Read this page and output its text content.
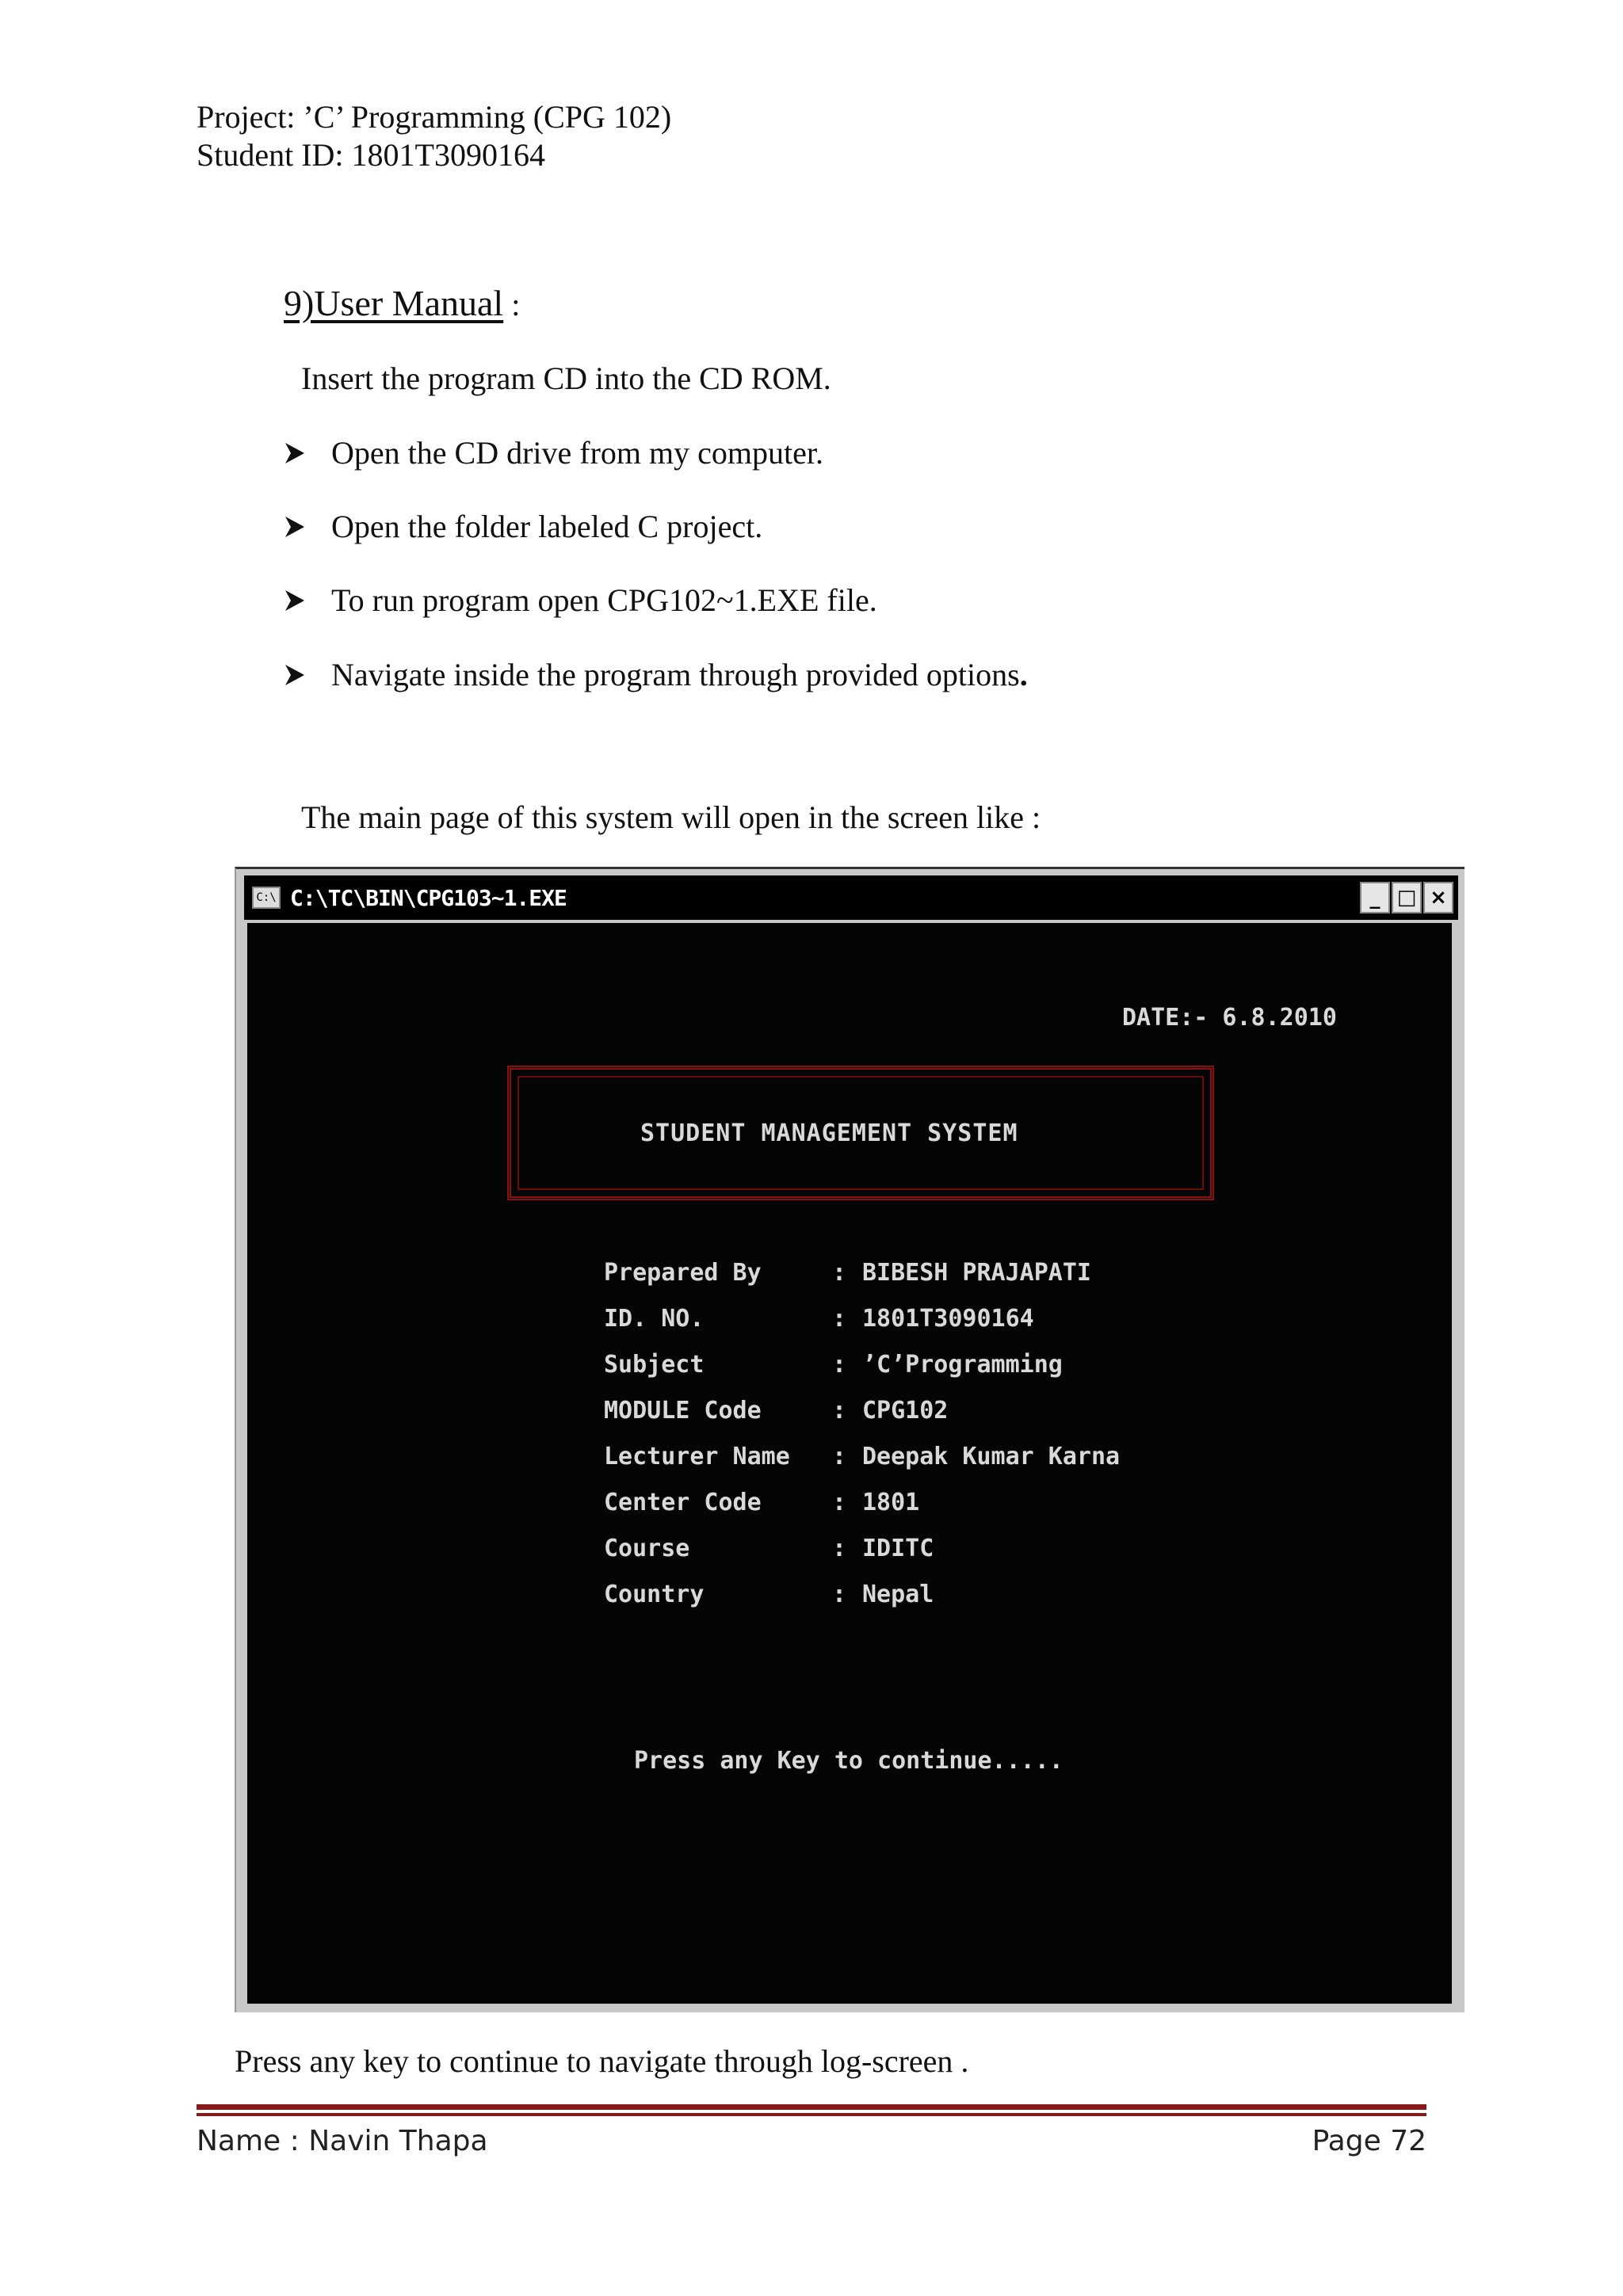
Project: ’C’ Programming (CPG 102)
Student ID: 1801T3090164
9)User Manual :
Insert the program CD into the CD ROM.
Open the CD drive from my computer.
Open the folder labeled C project.
To run program open CPG102~1.EXE file.
Navigate inside the program through provided options.
The main page of this system will open in the screen like :
C:\ C:\TC\BIN\CPG103~1.EXE	_ □ ×
DATE:- 6.8.2010
STUDENT MANAGEMENT SYSTEM
Prepared By	: BIBESH PRAJAPATI
ID. NO.	: 1801T3090164
Subject	: ’C’Programming
MODULE Code	: CPG102
Lecturer Name	: Deepak Kumar Karna
Center Code	: 1801
Course	: IDITC
Country	: Nepal
Press any Key to continue.....
Press any key to continue to navigate through log-screen .
Name : Navin Thapa	Page 72
